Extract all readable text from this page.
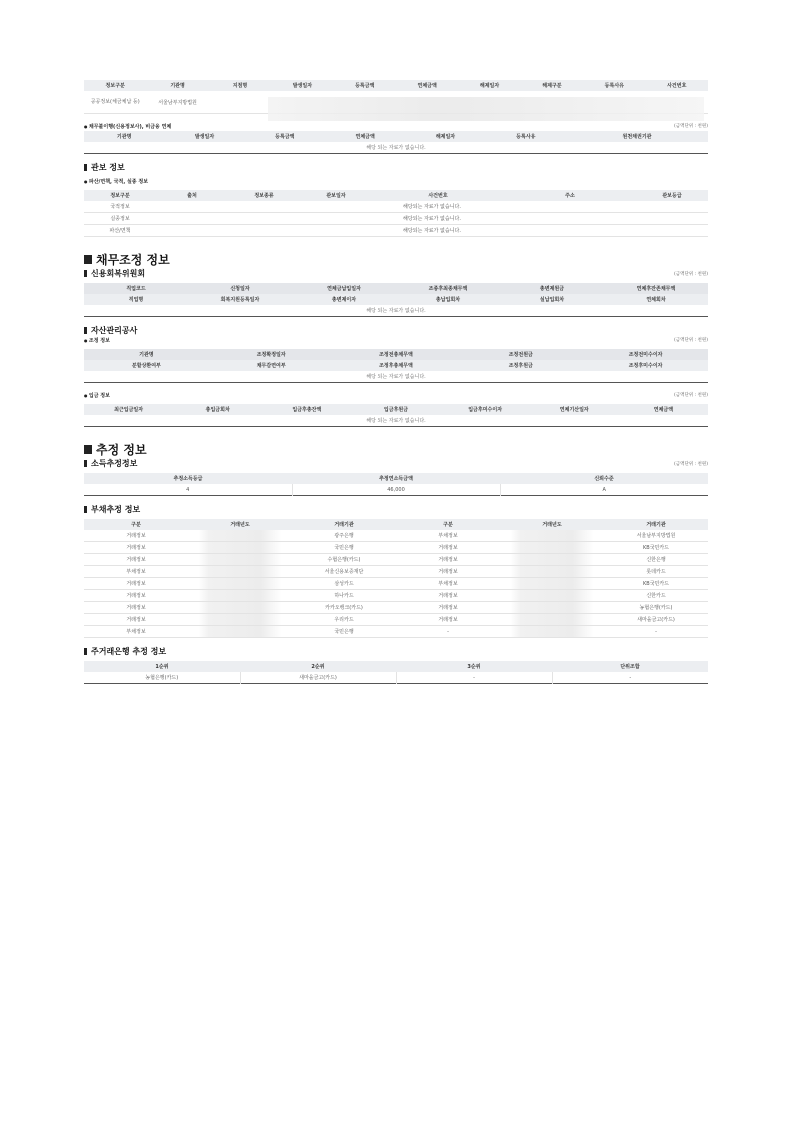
정보구분	기관명	지점명	발생일자	등록금액	연체금액	해제일자	해제구분	등록사유	사건번호
공공정보(체금체납 등)	서울남부지방법원								
● 채무불이행(신용정보사), 비금융 연체	(금액단위 : 천원)
기관명	발생일자	등록금액	연체금액	해제일자	등록사유	원천채권기관
해당 되는 자료가 없습니다.
관보 정보
● 파산/면책, 국적, 실종 정보
정보구분	출처	정보종류	관보일자	사건번호	주소	관보등급
국적정보	해당되는 자료가 없습니다.					
실종정보	해당되는 자료가 없습니다.					
파산/면책	해당되는 자료가 없습니다.					
채무조정 정보
신용회복위원회	(금액단위 : 천원)
직업코드	신청일자	연체금납입일자	조종후최종채무액	총변제원금	연체후잔존채무액
직업명	회복지원등록일자	총변제이자	총납입회차	실납입회차	연체회차
해당 되는 자료가 없습니다.					
자산관리공사
● 조정 정보	(금액단위 : 천원)
기관명	조정확정일자	조정전총채무액	조정전원금	조정전미수이자
분할상환여부	채무감면여부	조정후총채무액	조정후원금	조정후미수이자
해당 되는 자료가 없습니다.				
● 입금 정보	(금액단위 : 천원)
최근입금일자	총입금회차	입금후총잔액	입금후원금	입금후미수이자	연체기산일자	연체금액
해당 되는 자료가 없습니다.
추정 정보
소득추정정보	(금액단위 : 천원)
추정소득등급	추정연소득금액	신뢰수준
4	46,000	A
부채추정 정보
구분	거래년도	거래기관	구분	거래년도	거래기관
거래정보		광주은행	부채정보		서울남부지방법원
거래정보		국민은행	거래정보		KB국민카드
거래정보		수협은행(카드)	거래정보		신한은행
부채정보		서울신용보증재단	거래정보		롯데카드
거래정보		삼성카드	부채정보		KB국민카드
거래정보		하나카드	거래정보		신한카드
거래정보		카카오뱅크(카드)	거래정보		농협은행(카드)
거래정보		우리카드	거래정보		새마을금고(카드)
부채정보		국민은행	-		-
주거래은행 추정 정보
1순위	2순위	3순위	단위조합
농협은행(카드)	새마을금고(카드)	-	-
